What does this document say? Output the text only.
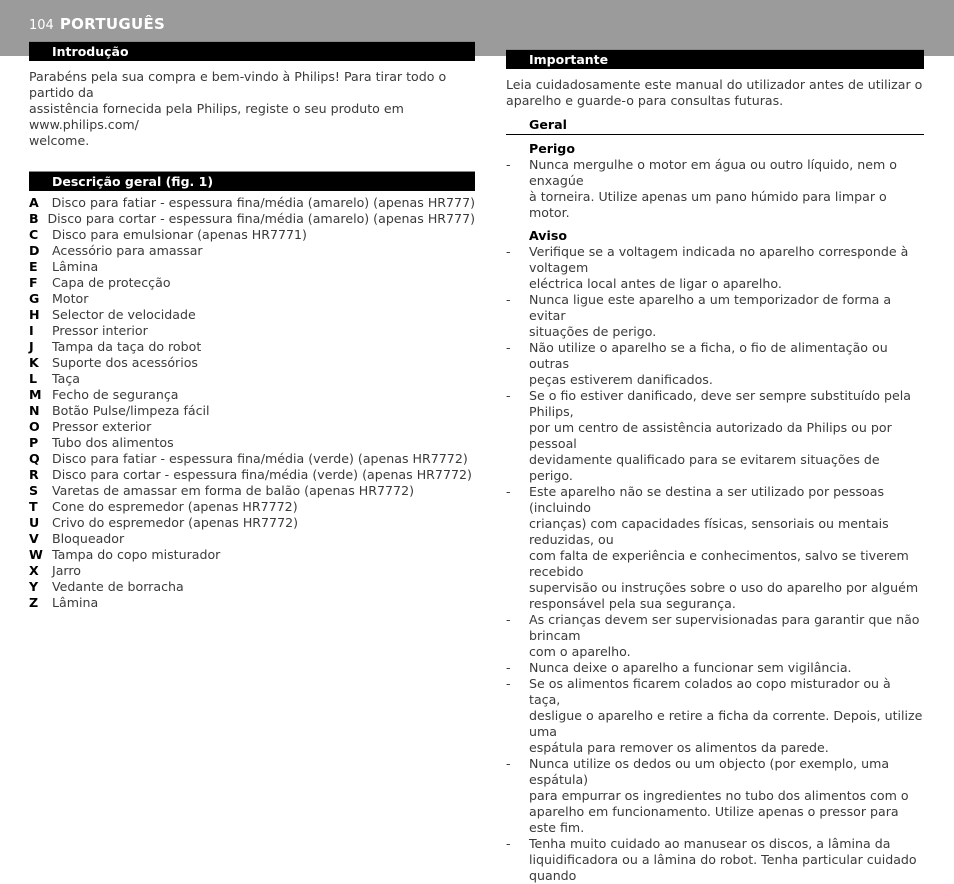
104 PORTUGUÊS
Introdução
Parabéns pela sua compra e bem-vindo à Philips! Para tirar todo o partido da
assistência fornecida pela Philips, registe o seu produto em www.philips.com/
welcome.
Descrição geral (fig. 1)
A	Disco para fatiar - espessura fina/média (amarelo) (apenas HR777)
B Disco para cortar - espessura fina/média (amarelo) (apenas HR777)
C	Disco para emulsionar (apenas HR7771)
D Acessório para amassar
E	Lâmina
F	Capa de protecção
G	Motor
H Selector de velocidade
I	Pressor interior
J	Tampa da taça do robot
K	Suporte dos acessórios
L	Taça
M Fecho de segurança
N Botão Pulse/limpeza fácil
O Pressor exterior
P	Tubo dos alimentos
Q Disco para fatiar - espessura fina/média (verde) (apenas HR7772)
R	Disco para cortar - espessura fina/média (verde) (apenas HR7772)
S	Varetas de amassar em forma de balão (apenas HR7772)
T	Cone do espremedor (apenas HR7772)
U	Crivo do espremedor (apenas HR7772)
V	Bloqueador
W Tampa do copo misturador
X	Jarro
Y	Vedante de borracha
Z	Lâmina
Importante
Leia cuidadosamente este manual do utilizador antes de utilizar o
aparelho e guarde-o para consultas futuras.
Geral
Perigo
-	Nunca mergulhe o motor em água ou outro líquido, nem o enxagúe
à torneira. Utilize apenas um pano húmido para limpar o motor.
Aviso
-	Verifique se a voltagem indicada no aparelho corresponde à voltagem
eléctrica local antes de ligar o aparelho.
-	Nunca ligue este aparelho a um temporizador de forma a evitar
situações de perigo.
-	Não utilize o aparelho se a ficha, o fio de alimentação ou outras
peças estiverem danificados.
-	Se o fio estiver danificado, deve ser sempre substituído pela Philips,
por um centro de assistência autorizado da Philips ou por pessoal
devidamente qualificado para se evitarem situações de perigo.
-	Este aparelho não se destina a ser utilizado por pessoas (incluindo
crianças) com capacidades físicas, sensoriais ou mentais reduzidas, ou
com falta de experiência e conhecimentos, salvo se tiverem recebido
supervisão ou instruções sobre o uso do aparelho por alguém
responsável pela sua segurança.
-	As crianças devem ser supervisionadas para garantir que não brincam
com o aparelho.
-	Nunca deixe o aparelho a funcionar sem vigilância.
-	Se os alimentos ficarem colados ao copo misturador ou à taça,
desligue o aparelho e retire a ficha da corrente. Depois, utilize uma
espátula para remover os alimentos da parede.
-	Nunca utilize os dedos ou um objecto (por exemplo, uma espátula)
para empurrar os ingredientes no tubo dos alimentos com o
aparelho em funcionamento. Utilize apenas o pressor para este fim.
-	Tenha muito cuidado ao manusear os discos, a lâmina da
liquidificadora ou a lâmina do robot. Tenha particular cuidado quando
